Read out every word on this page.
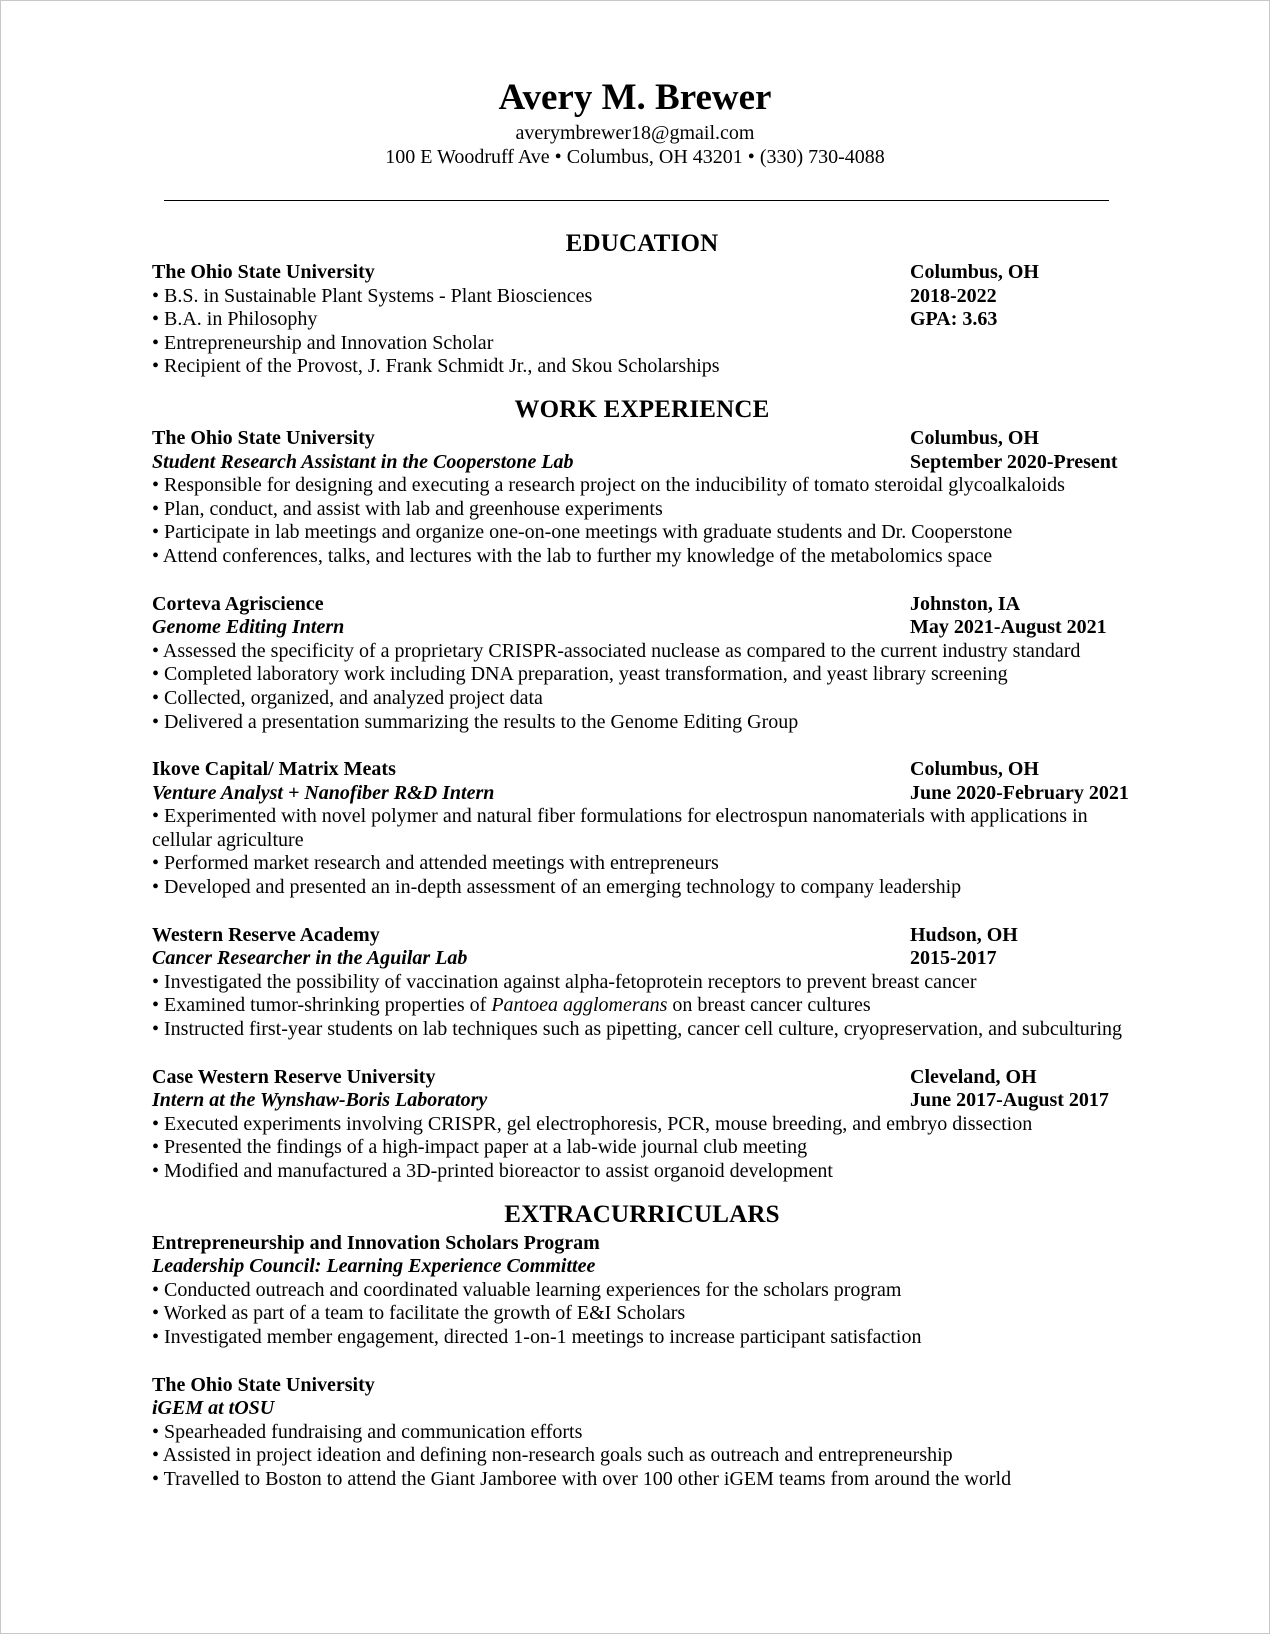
Avery M. Brewer
averymbrewer18@gmail.com
100 E Woodruff Ave • Columbus, OH 43201 • (330) 730-4088
EDUCATION
The Ohio State University	Columbus, OH
• B.S. in Sustainable Plant Systems - Plant Biosciences	2018-2022
• B.A. in Philosophy	GPA: 3.63
• Entrepreneurship and Innovation Scholar
• Recipient of the Provost, J. Frank Schmidt Jr., and Skou Scholarships
WORK EXPERIENCE
The Ohio State University	Columbus, OH
Student Research Assistant in the Cooperstone Lab	September 2020-Present
• Responsible for designing and executing a research project on the inducibility of tomato steroidal glycoalkaloids
• Plan, conduct, and assist with lab and greenhouse experiments
• Participate in lab meetings and organize one-on-one meetings with graduate students and Dr. Cooperstone
• Attend conferences, talks, and lectures with the lab to further my knowledge of the metabolomics space
Corteva Agriscience	Johnston, IA
Genome Editing Intern	May 2021-August 2021
• Assessed the specificity of a proprietary CRISPR-associated nuclease as compared to the current industry standard
• Completed laboratory work including DNA preparation, yeast transformation, and yeast library screening
• Collected, organized, and analyzed project data
• Delivered a presentation summarizing the results to the Genome Editing Group
Ikove Capital/ Matrix Meats	Columbus, OH
Venture Analyst + Nanofiber R&D Intern	June 2020-February 2021
• Experimented with novel polymer and natural fiber formulations for electrospun nanomaterials with applications in cellular agriculture
• Performed market research and attended meetings with entrepreneurs
• Developed and presented an in-depth assessment of an emerging technology to company leadership
Western Reserve Academy	Hudson, OH
Cancer Researcher in the Aguilar Lab	2015-2017
• Investigated the possibility of vaccination against alpha-fetoprotein receptors to prevent breast cancer
• Examined tumor-shrinking properties of Pantoea agglomerans on breast cancer cultures
• Instructed first-year students on lab techniques such as pipetting, cancer cell culture, cryopreservation, and subculturing
Case Western Reserve University	Cleveland, OH
Intern at the Wynshaw-Boris Laboratory	June 2017-August 2017
• Executed experiments involving CRISPR, gel electrophoresis, PCR, mouse breeding, and embryo dissection
• Presented the findings of a high-impact paper at a lab-wide journal club meeting
• Modified and manufactured a 3D-printed bioreactor to assist organoid development
EXTRACURRICULARS
Entrepreneurship and Innovation Scholars Program
Leadership Council: Learning Experience Committee
• Conducted outreach and coordinated valuable learning experiences for the scholars program
• Worked as part of a team to facilitate the growth of E&I Scholars
• Investigated member engagement, directed 1-on-1 meetings to increase participant satisfaction
The Ohio State University
iGEM at tOSU
• Spearheaded fundraising and communication efforts
• Assisted in project ideation and defining non-research goals such as outreach and entrepreneurship
• Travelled to Boston to attend the Giant Jamboree with over 100 other iGEM teams from around the world
